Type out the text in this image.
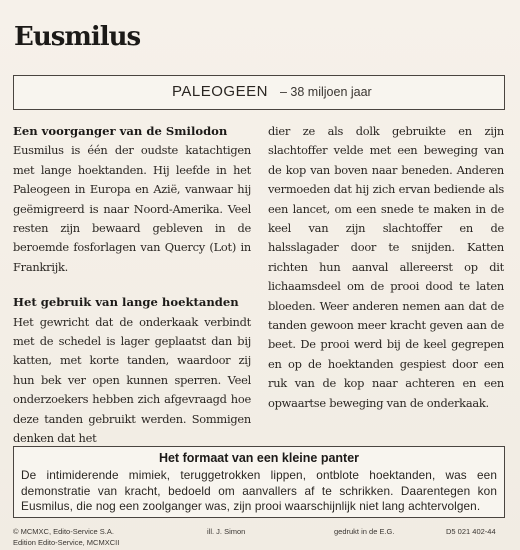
Eusmilus
PALEOGEEN – 38 miljoen jaar
Een voorganger van de Smilodon

Eusmilus is één der oudste katachtigen met lange hoektanden. Hij leefde in het Paleogeen in Europa en Azië, vanwaar hij geëmigreerd is naar Noord-Amerika. Veel resten zijn bewaard gebleven in de beroemde fosforlagen van Quercy (Lot) in Frankrijk.

Het gebruik van lange hoektanden

Het gewricht dat de onderkaak verbindt met de schedel is lager geplaatst dan bij katten, met korte tanden, waardoor zij hun bek ver open kunnen sperren. Veel onderzoekers hebben zich afgevraagd hoe deze tanden gebruikt werden. Sommigen denken dat het

dier ze als dolk gebruikte en zijn slachtoffer velde met een beweging van de kop van boven naar beneden. Anderen vermoeden dat hij zich ervan bediende als een lancet, om een snede te maken in de keel van zijn slachtoffer en de halsslagader door te snijden. Katten richten hun aanval allereerst op dit lichaamsdeel om de prooi dood te laten bloeden. Weer anderen nemen aan dat de tanden gewoon meer kracht geven aan de beet. De prooi werd bij de keel gegrepen en op de hoektanden gespiest door een ruk van de kop naar achteren en een opwaartse beweging van de onderkaak.

Het formaat van een kleine panter
De intimiderende mimiek, teruggetrokken lippen, ontblote hoektanden, was een demonstratie van kracht, bedoeld om aanvallers af te schrikken. Daarentegen kon Eusmilus, die nog een zoolganger was, zijn prooi waarschijnlijk niet lang achtervolgen.
© MCMXC, Edito-Service S.A.
Edition Edito-Service, MCMXCII
ill. J. Simon	gedrukt in de E.G.	D5 021 402-44
